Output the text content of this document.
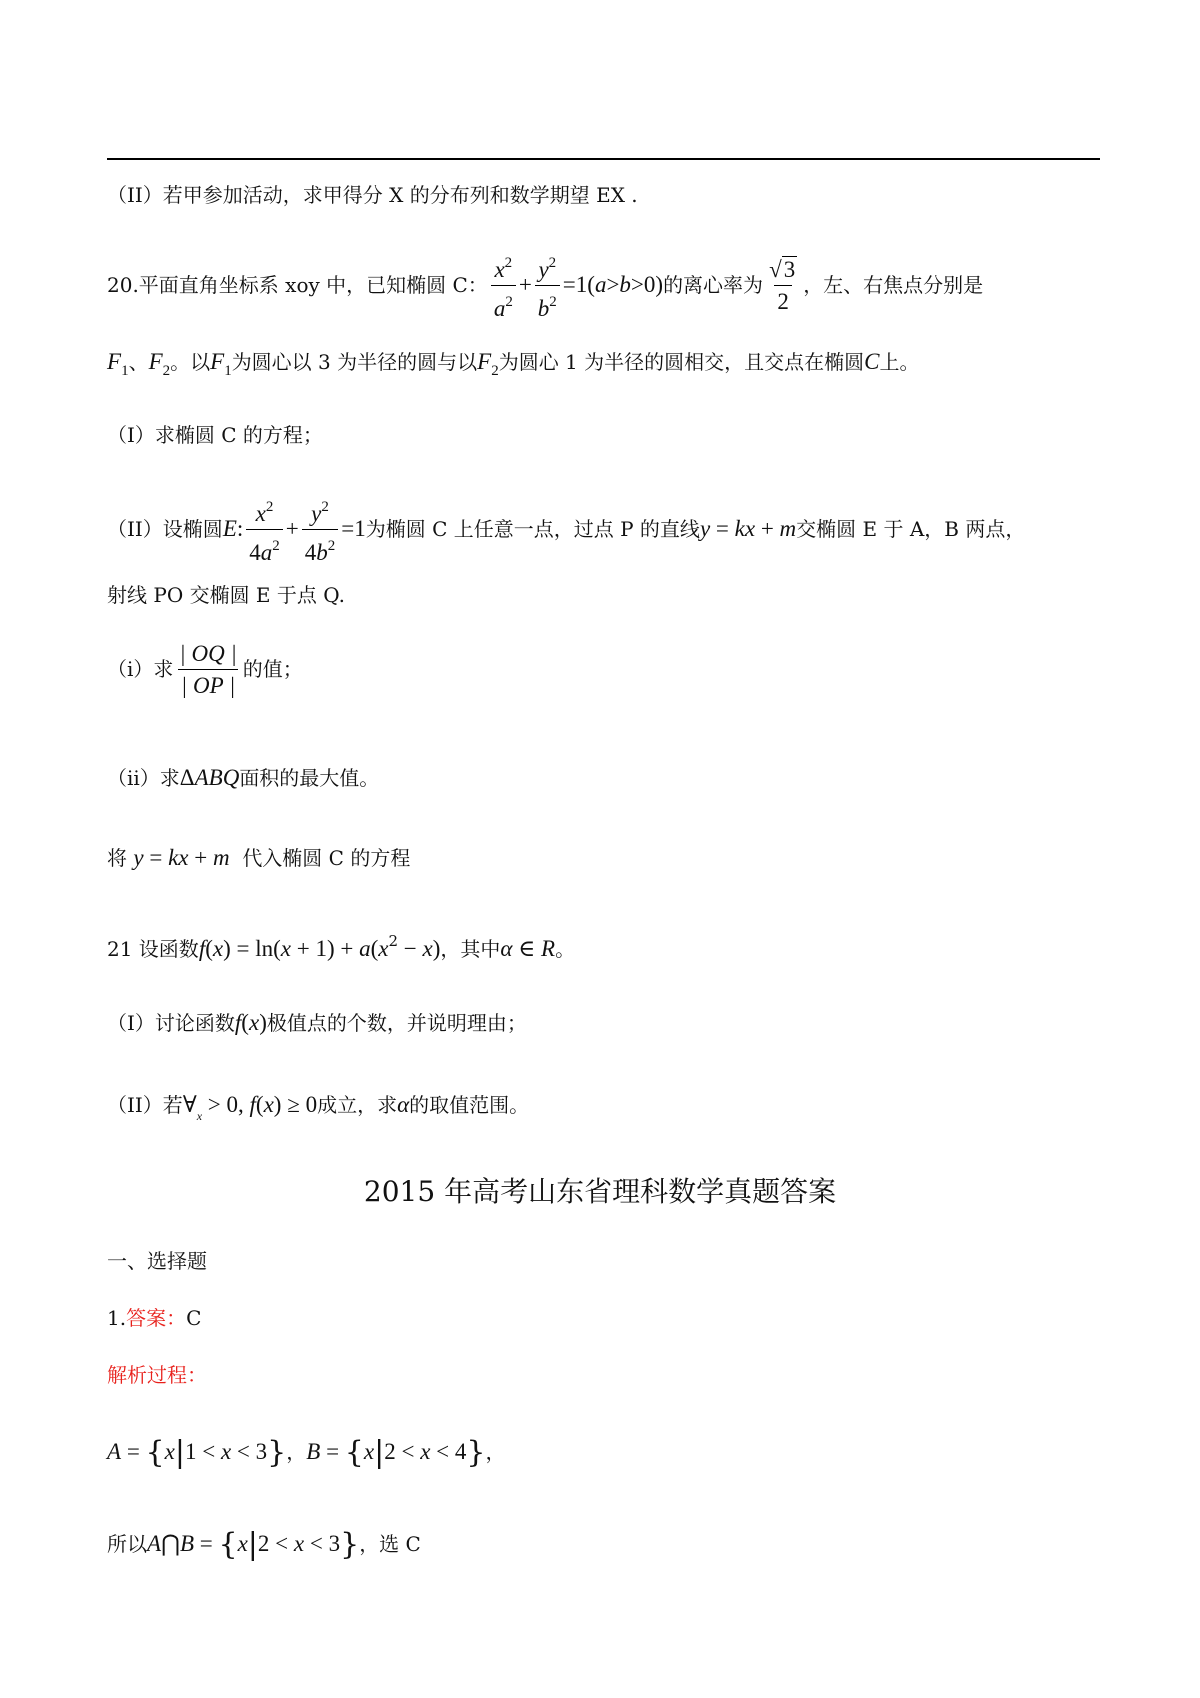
（II）若甲参加活动，求甲得分 X 的分布列和数学期望 EX .
20.平面直角坐标系 xoy 中，已知椭圆 C： $\frac{x^2}{a^2} + \frac{y^2}{b^2} =1(a>b>0)$的离心率为 $\frac{√3}{2}$ ，左、右焦点分别是
$F_1$、$F_2$。以$F_1$为圆心以 3 为半径的圆与以$F_2$为圆心 1 为半径的圆相交，且交点在椭圆C上。
（I）求椭圆 C 的方程；
（II）设椭圆E: $\frac{x^2}{4a^2} + \frac{y^2}{4b^2} =1$为椭圆 C 上任意一点，过点 P 的直线y = kx + m交椭圆 E 于 A，B 两点，
射线 PO 交椭圆 E 于点 Q.
（i）求 $\frac{| OQ |}{| OP |}$ 的值；
（ii）求ΔABQ面积的最大值。
将 y = kx + m 代入椭圆 C 的方程
21 设函数$f(x) = \ln(x + 1) + a(x^2 - x)$，其中α ∈ R。
（I）讨论函数f(x)极值点的个数，并说明理由；
（II）若$\forall_x > 0$, f(x) ≥ 0成立，求α的取值范围。
2015 年高考山东省理科数学真题答案
一、选择题
1.答案：C
解析过程：
A = {x|1 < x < 3}，B = {x|2 < x < 4}，
所以A⋂B = {x|2 < x < 3}，选 C
